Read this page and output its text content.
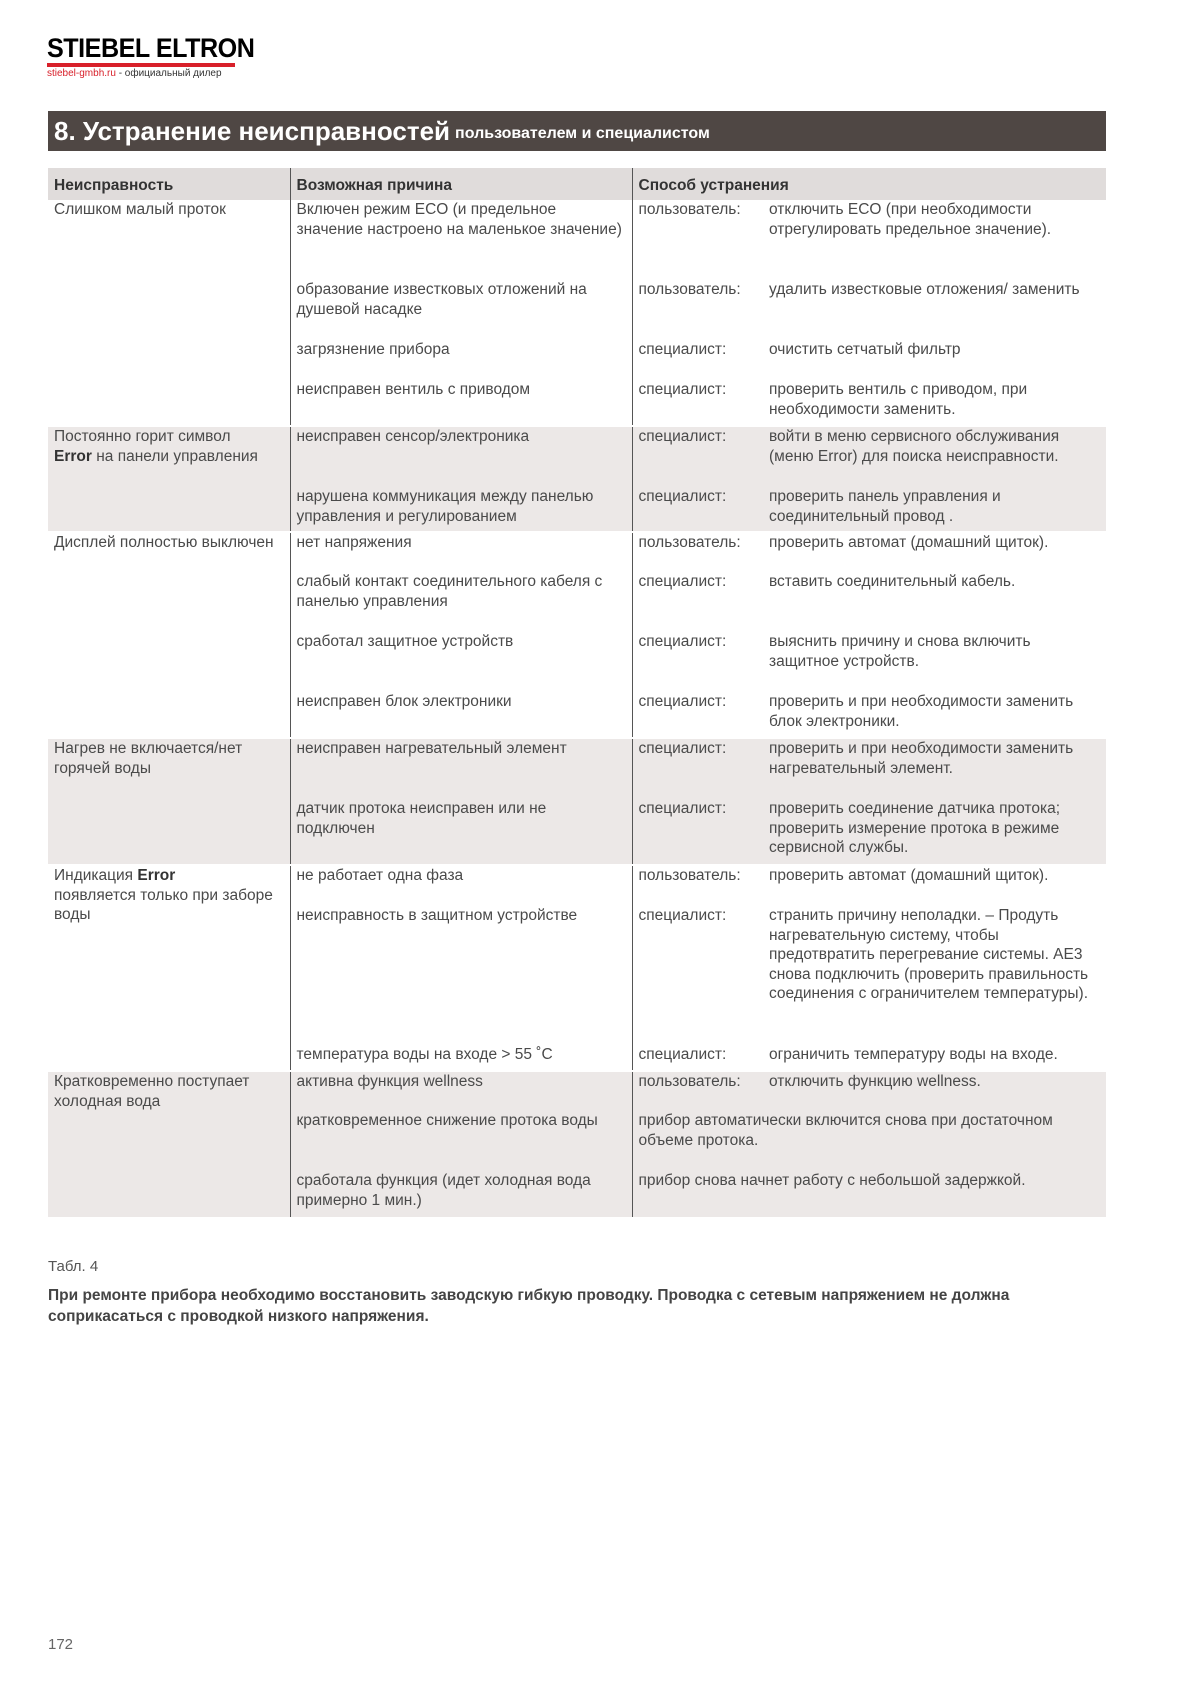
STIEBEL ELTRON
stiebel-gmbh.ru - официальный дилер
8. Устранение неисправностей пользователем и специалистом
Неисправность	Возможная причина	Способ устранения	
Слишком малый проток	Включен режим ECO (и предельное значение настроено на маленькое значение)	пользователь:	отключить ECO (при необходимости отрегулировать предельное значение).
	образование известковых отложений на душевой насадке	пользователь:	удалить известковые отложения/ заменить
	загрязнение прибора	специалист:	очистить сетчатый фильтр
	неисправен вентиль с приводом	специалист:	проверить вентиль с приводом, при необходимости заменить.
Постоянно горит символ
Error на панели управления	неисправен сенсор/электроника	специалист:	войти в меню сервисного обслуживания (меню Error) для поиска неисправности.
	нарушена коммуникация между панелью управления и регулированием	специалист:	проверить панель управления и соединительный провод .
Дисплей полностью выключен	нет напряжения	пользователь:	проверить автомат (домашний щиток).
	слабый контакт соединительного кабеля с панелью управления	специалист:	вставить соединительный кабель.
	сработал защитное устройств	специалист:	выяснить причину и снова включить защитное устройств.
	неисправен блок электроники	специалист:	проверить и при необходимости заменить блок электроники.
Нагрев не включается/нет горячей воды	неисправен нагревательный элемент	специалист:	проверить и при необходимости заменить нагревательный элемент.
	датчик протока неисправен или не подключен	специалист:	проверить соединение датчика протока; проверить измерение протока в режиме сервисной службы.
Индикация Error
появляется только при заборе воды	не работает одна фаза	пользователь:	проверить автомат (домашний щиток).
	неисправность в защитном устройстве	специалист:	странить причину неполадки. – Продуть нагревательную систему, чтобы предотвратить перегревание системы. AE3 снова подключить (проверить правильность соединения с ограничителем температуры).
	температура воды на входе > 55 ˚C	специалист:	ограничить температуру воды на входе.
Кратковременно поступает холодная вода	активна функция wellness	пользователь:	отключить функцию wellness.
	кратковременное снижение протока воды	прибор автоматически включится снова при достаточном объеме протока.	
	сработала функция (идет холодная вода примерно 1 мин.)	прибор снова начнет работу с небольшой задержкой.	
Табл. 4
При ремонте прибора необходимо восстановить заводскую гибкую проводку. Проводка с сетевым напряжением не должна соприкасаться с проводкой низкого напряжения.
172
